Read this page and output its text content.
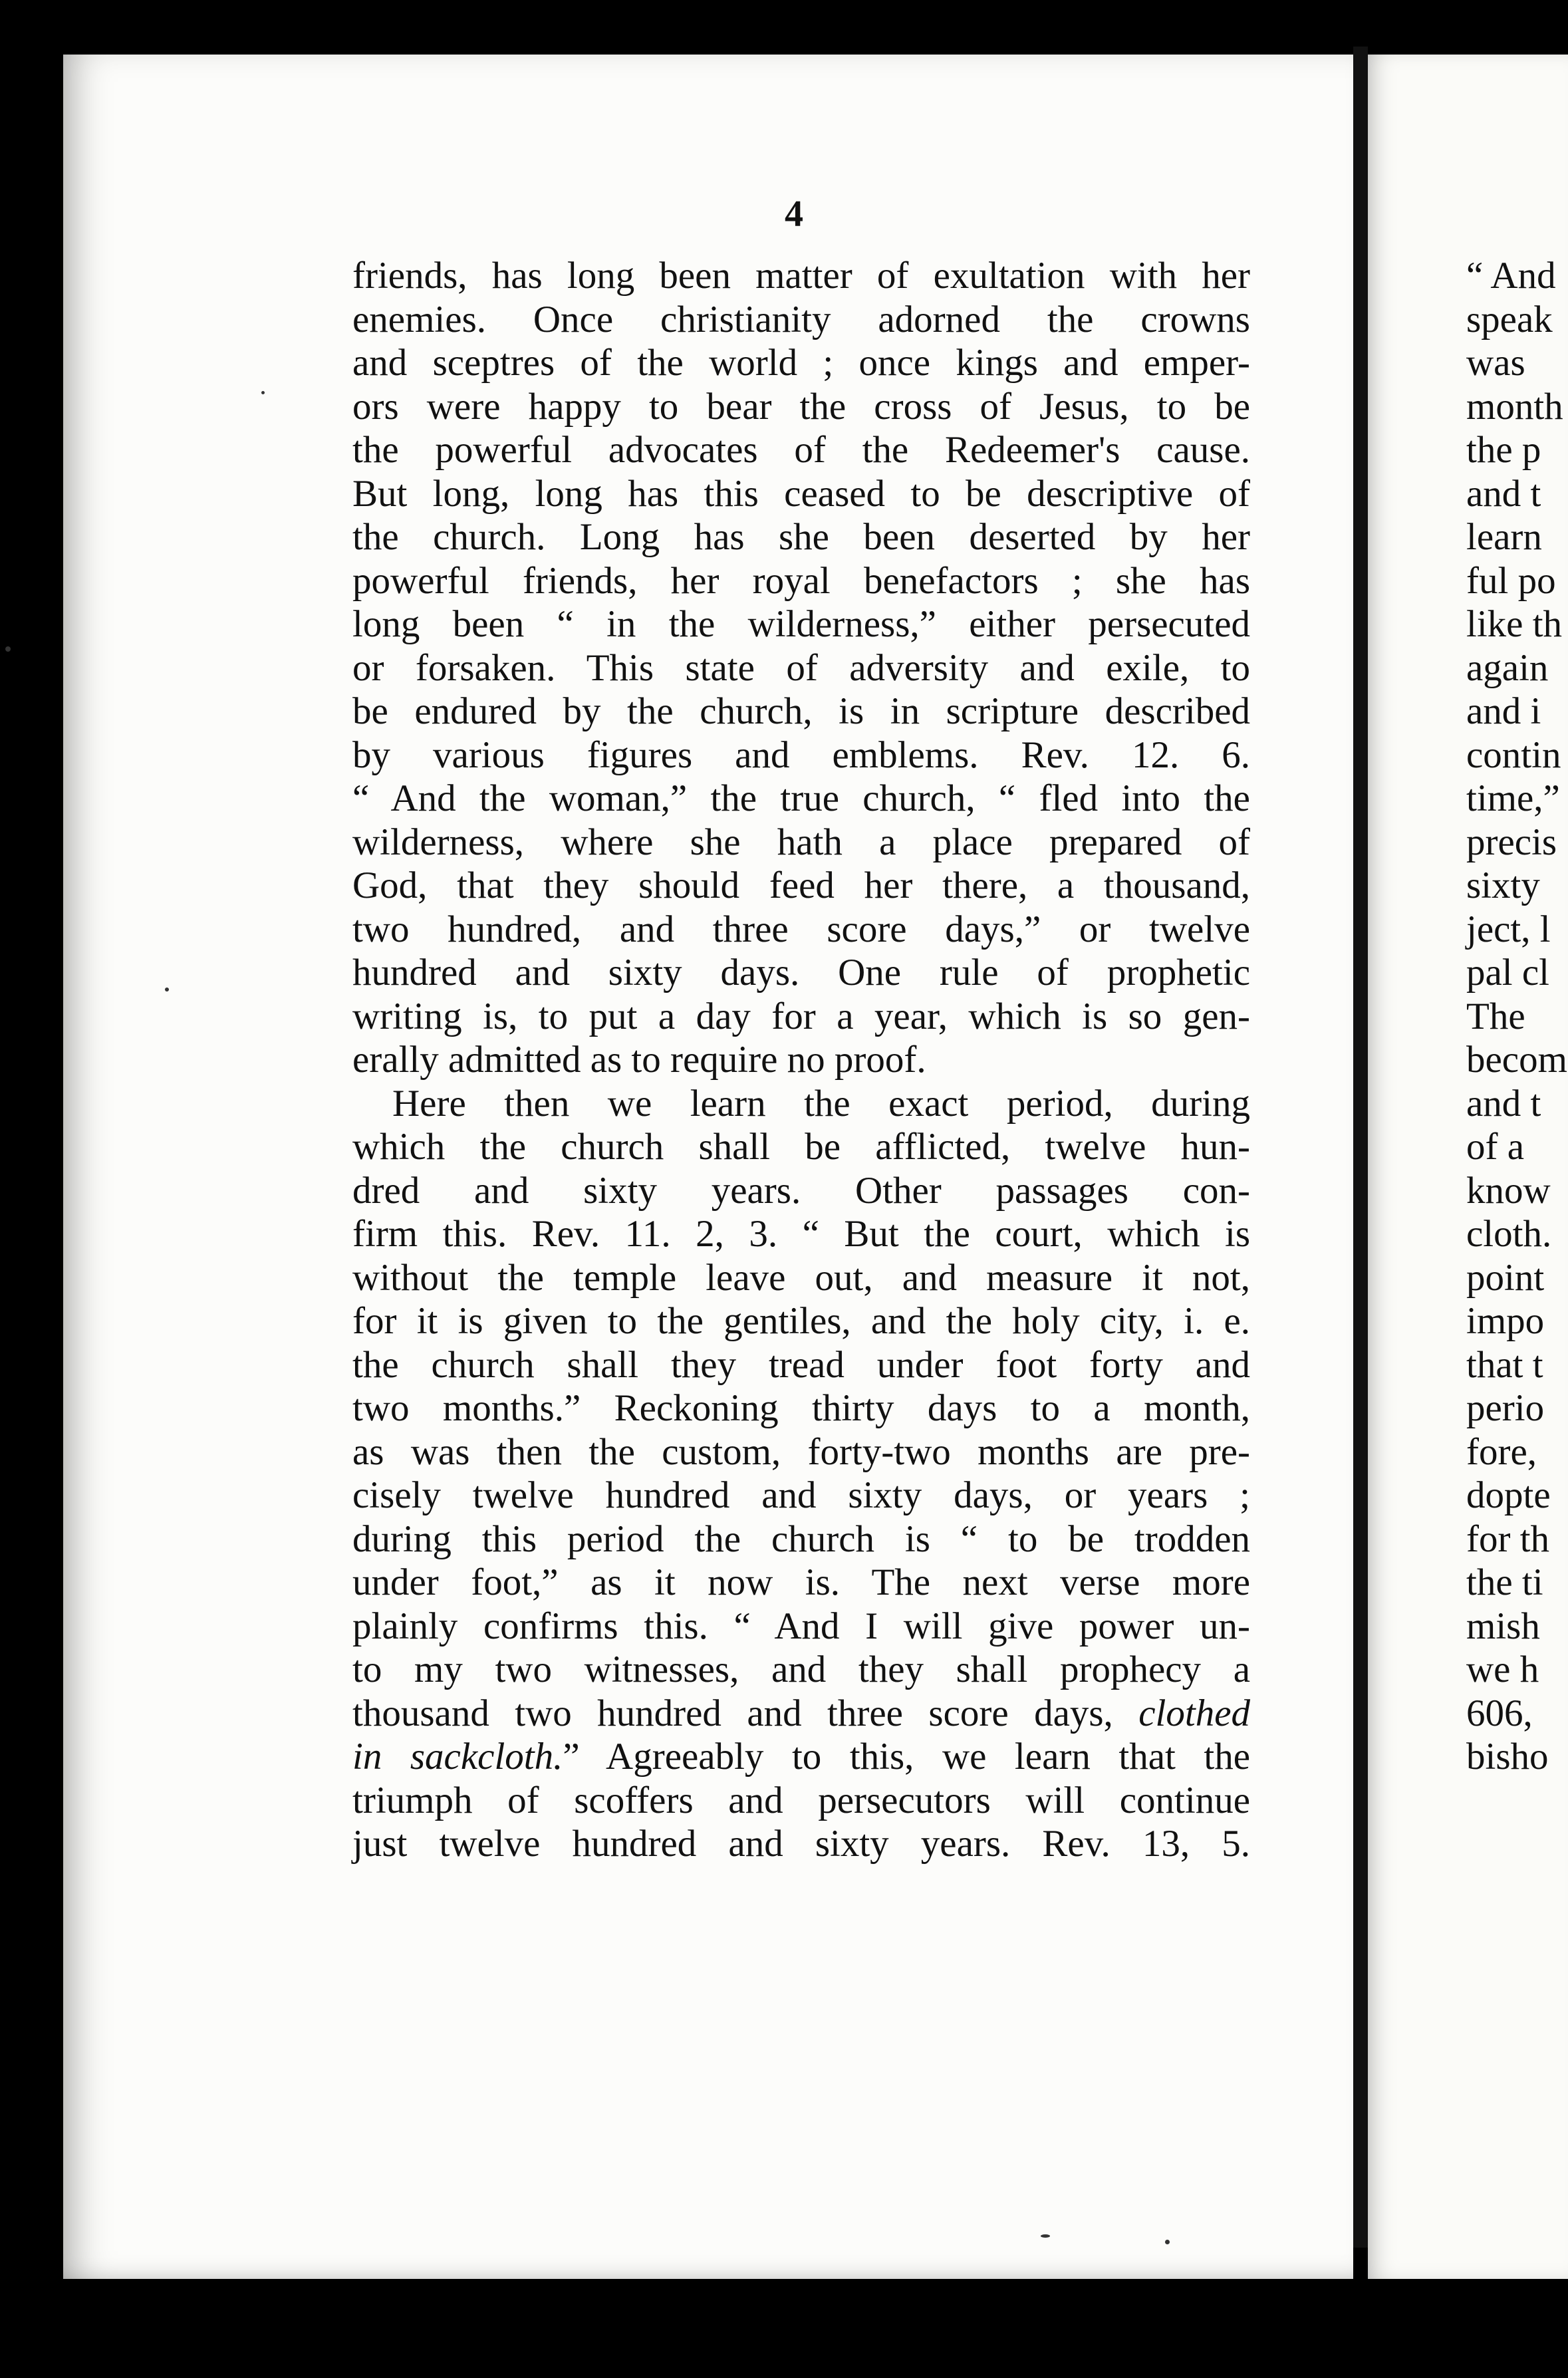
4
friends, has long been matter of exultation with her
enemies. Once christianity adorned the crowns
and sceptres of the world ; once kings and emper-
ors were happy to bear the cross of Jesus, to be
the powerful advocates of the Redeemer's cause.
But long, long has this ceased to be descriptive of
the church. Long has she been deserted by her
powerful friends, her royal benefactors ; she has
long been “ in the wilderness,” either persecuted
or forsaken. This state of adversity and exile, to
be endured by the church, is in scripture described
by various figures and emblems. Rev. 12. 6.
“ And the woman,” the true church, “ fled into the
wilderness, where she hath a place prepared of
God, that they should feed her there, a thousand,
two hundred, and three score days,” or twelve
hundred and sixty days. One rule of prophetic
writing is, to put a day for a year, which is so gen-
erally admitted as to require no proof.
Here then we learn the exact period, during
which the church shall be afflicted, twelve hun-
dred and sixty years. Other passages con-
firm this. Rev. 11. 2, 3. “ But the court, which is
without the temple leave out, and measure it not,
for it is given to the gentiles, and the holy city, i. e.
the church shall they tread under foot forty and
two months.” Reckoning thirty days to a month,
as was then the custom, forty-two months are pre-
cisely twelve hundred and sixty days, or years ;
during this period the church is “ to be trodden
under foot,” as it now is. The next verse more
plainly confirms this. “ And I will give power un-
to my two witnesses, and they shall prophecy a
thousand two hundred and three score days, clothed
in sackcloth.” Agreeably to this, we learn that the
triumph of scoffers and persecutors will continue
just twelve hundred and sixty years. Rev. 13, 5.
“ And
speak
was
month
the p
and t
learn
ful po
like th
again
and i
contin
time,”
precis
sixty
ject, l
pal cl
The
becom
and t
of a
know
cloth.
point
impo
that t
perio
fore,
dopte
for th
the ti
mish
we h
606,
bisho
